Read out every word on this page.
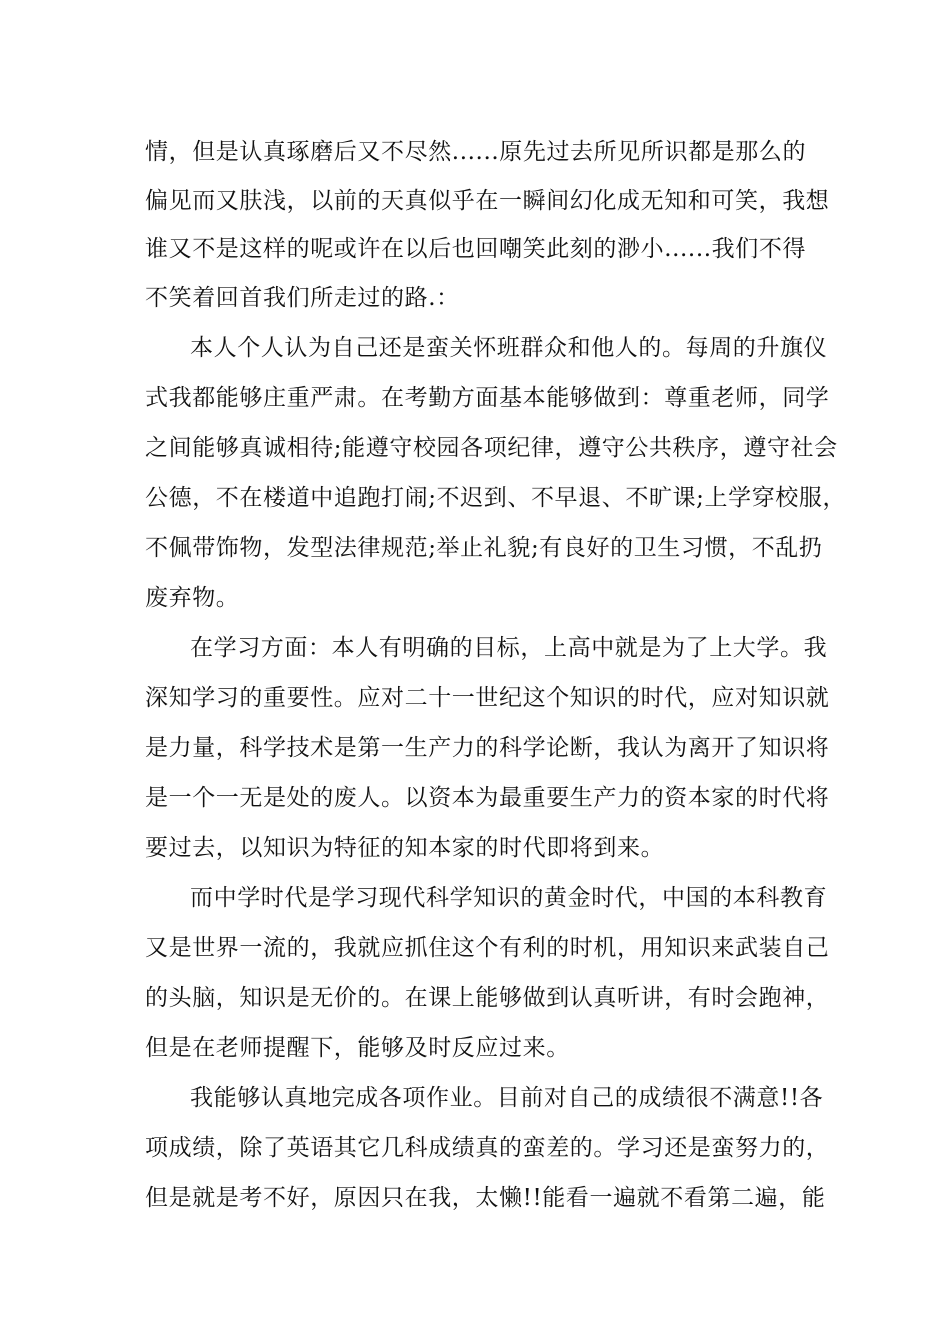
情，但是认真琢磨后又不尽然......原先过去所见所识都是那么的
偏见而又肤浅，以前的天真似乎在一瞬间幻化成无知和可笑，我想
谁又不是这样的呢或许在以后也回嘲笑此刻的渺小......我们不得
不笑着回首我们所走过的路.：
本人个人认为自己还是蛮关怀班群众和他人的。每周的升旗仪
式我都能够庄重严肃。在考勤方面基本能够做到：尊重老师，同学
之间能够真诚相待;能遵守校园各项纪律，遵守公共秩序，遵守社会
公德，不在楼道中追跑打闹;不迟到、不早退、不旷课;上学穿校服，
不佩带饰物，发型法律规范;举止礼貌;有良好的卫生习惯，不乱扔
废弃物。
在学习方面：本人有明确的目标，上高中就是为了上大学。我
深知学习的重要性。应对二十一世纪这个知识的时代，应对知识就
是力量，科学技术是第一生产力的科学论断，我认为离开了知识将
是一个一无是处的废人。以资本为最重要生产力的资本家的时代将
要过去，以知识为特征的知本家的时代即将到来。
而中学时代是学习现代科学知识的黄金时代，中国的本科教育
又是世界一流的，我就应抓住这个有利的时机，用知识来武装自己
的头脑，知识是无价的。在课上能够做到认真听讲，有时会跑神，
但是在老师提醒下，能够及时反应过来。
我能够认真地完成各项作业。目前对自己的成绩很不满意!!各
项成绩，除了英语其它几科成绩真的蛮差的。学习还是蛮努力的，
但是就是考不好，原因只在我，太懒!!能看一遍就不看第二遍，能
